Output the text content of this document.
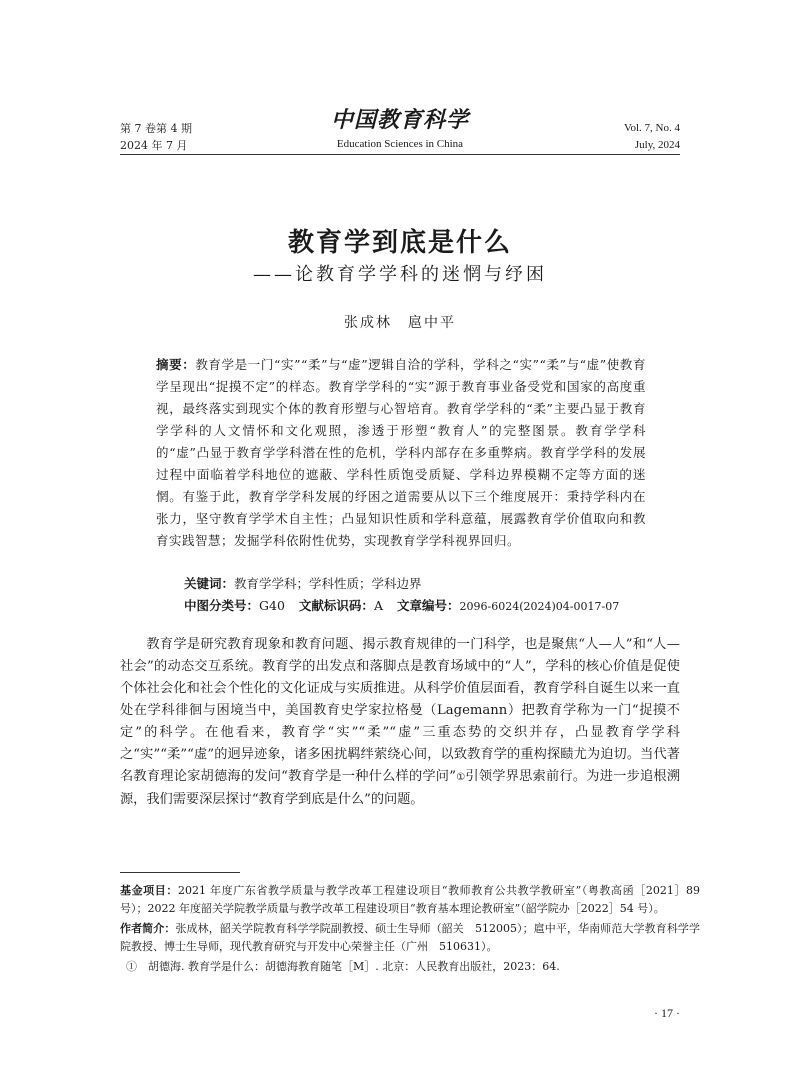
第 7 卷第 4 期
2024 年 7 月
中国教育科学
Education Sciences in China
Vol. 7, No. 4
July, 2024
教育学到底是什么
——论教育学学科的迷惘与纾困
张成林　扈中平
摘要：教育学是一门“实”“柔”与“虚”逻辑自洽的学科，学科之“实”“柔”与“虚”使教育学呈现出“捉摸不定”的样态。教育学学科的“实”源于教育事业备受党和国家的高度重视，最终落实到现实个体的教育形塑与心智培育。教育学学科的“柔”主要凸显于教育学学科的人文情怀和文化观照，渗透于形塑“教育人”的完整图景。教育学学科的“虚”凸显于教育学学科潜在性的危机，学科内部存在多重弊病。教育学学科的发展过程中面临着学科地位的遮蔽、学科性质饱受质疑、学科边界模糊不定等方面的迷惘。有鉴于此，教育学学科发展的纾困之道需要从以下三个维度展开：秉持学科内在张力，坚守教育学学术自主性；凸显知识性质和学科意蕴，展露教育学价值取向和教育实践智慧；发掘学科依附性优势，实现教育学学科视界回归。
关键词：教育学学科；学科性质；学科边界
中图分类号：G40 文献标识码：A 文章编号：2096-6024(2024)04-0017-07
教育学是研究教育现象和教育问题、揭示教育规律的一门科学，也是聚焦“人—人”和“人—社会”的动态交互系统。教育学的出发点和落脚点是教育场域中的“人”，学科的核心价值是促使个体社会化和社会个性化的文化证成与实质推进。从科学价值层面看，教育学科自诞生以来一直处在学科徘徊与困境当中，美国教育史学家拉格曼（Lagemann）把教育学称为一门“捉摸不定”的科学。在他看来，教育学“实”“柔”“虚”三重态势的交织并存，凸显教育学学科之“实”“柔”“虚”的迥异迹象，诸多困扰羁绊萦绕心间，以致教育学的重构探赜尤为迫切。当代著名教育理论家胡德海的发问“教育学是一种什么样的学问”①引领学界思索前行。为进一步追根溯源，我们需要深层探讨“教育学到底是什么”的问题。
基金项目：2021 年度广东省教学质量与教学改革工程建设项目“教师教育公共教学教研室”（粤教高函［2021］89 号）；2022 年度韶关学院教学质量与教学改革工程建设项目“教育基本理论教研室”（韶学院办［2022］54 号）。
作者简介：张成林，韶关学院教育科学学院副教授、硕士生导师（韶关　512005）；扈中平，华南师范大学教育科学学院教授、博士生导师，现代教育研究与开发中心荣誉主任（广州　510631）。
①　胡德海. 教育学是什么：胡德海教育随笔［M］. 北京：人民教育出版社，2023：64.
· 17 ·
